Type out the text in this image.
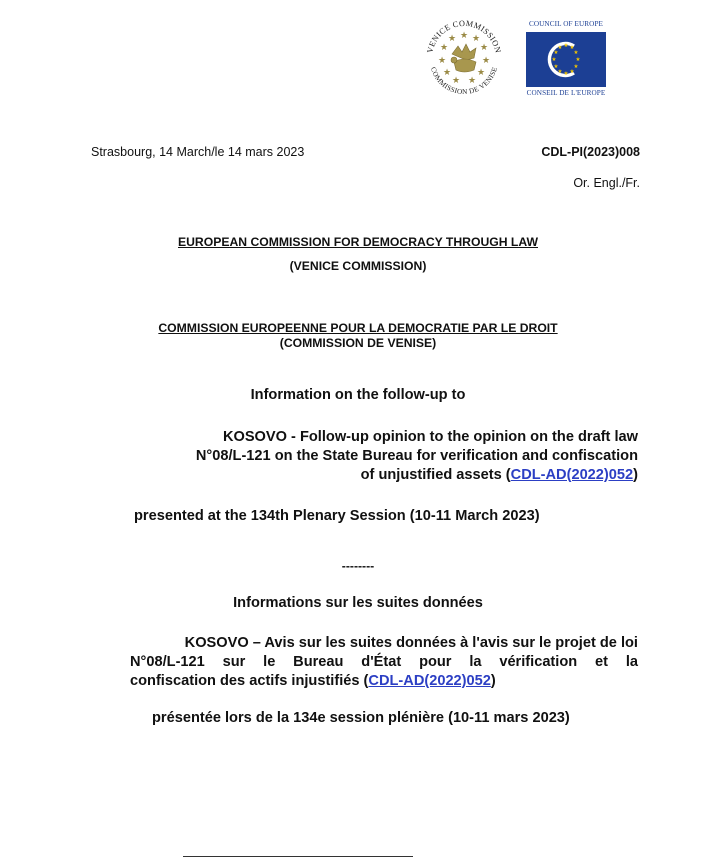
VENICE COMMISSION
COMMISSION DE VENISE
★ ★
★
★
★
★
★
★
★
★
★
COUNCIL OF EUROPE
★ ★
★
★
★
★
★
★
★
★
★
★
CONSEIL DE L'EUROPE
Strasbourg, 14 March/le 14 mars 2023	CDL-PI(2023)008
Or. Engl./Fr.
EUROPEAN COMMISSION FOR DEMOCRACY THROUGH LAW
(VENICE COMMISSION)
COMMISSION EUROPEENNE POUR LA DEMOCRATIE PAR LE DROIT
(COMMISSION DE VENISE)
Information on the follow-up to
KOSOVO - Follow-up opinion to the opinion on the draft law
N°08/L-121 on the State Bureau for verification and confiscation
of unjustified assets (CDL-AD(2022)052)
presented at the 134th Plenary Session (10-11 March 2023)
--------
Informations sur les suites données
KOSOVO – Avis sur les suites données à l'avis sur le projet de loi
N°08/L-121 sur le Bureau d'État pour la vérification et la
confiscation des actifs injustifiés (CDL-AD(2022)052)
présentée lors de la 134e session plénière (10-11 mars 2023)
